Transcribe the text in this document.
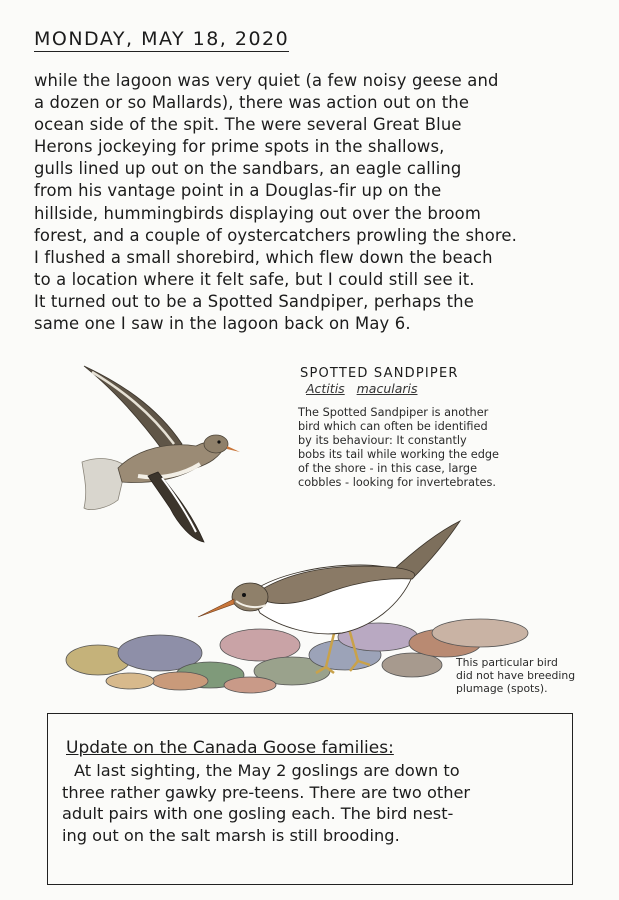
MONDAY, MAY 18, 2020
while the lagoon was very quiet (a few noisy geese and
a dozen or so Mallards), there was action out on the
ocean side of the spit. The were several Great Blue
Herons jockeying for prime spots in the shallows,
gulls lined up out on the sandbars, an eagle calling
from his vantage point in a Douglas-fir up on the
hillside, hummingbirds displaying out over the broom
forest, and a couple of oystercatchers prowling the shore.
I flushed a small shorebird, which flew down the beach
to a location where it felt safe, but I could still see it.
It turned out to be a Spotted Sandpiper, perhaps the
same one I saw in the lagoon back on May 6.
SPOTTED SANDPIPER
Actitis macularis
The Spotted Sandpiper is another
bird which can often be identified
by its behaviour: It constantly
bobs its tail while working the edge
of the shore - in this case, large
cobbles - looking for invertebrates.
This particular bird
did not have breeding
plumage (spots).
Update on the Canada Goose families:
At last sighting, the May 2 goslings are down to
three rather gawky pre-teens. There are two other
adult pairs with one gosling each. The bird nest-
ing out on the salt marsh is still brooding.
